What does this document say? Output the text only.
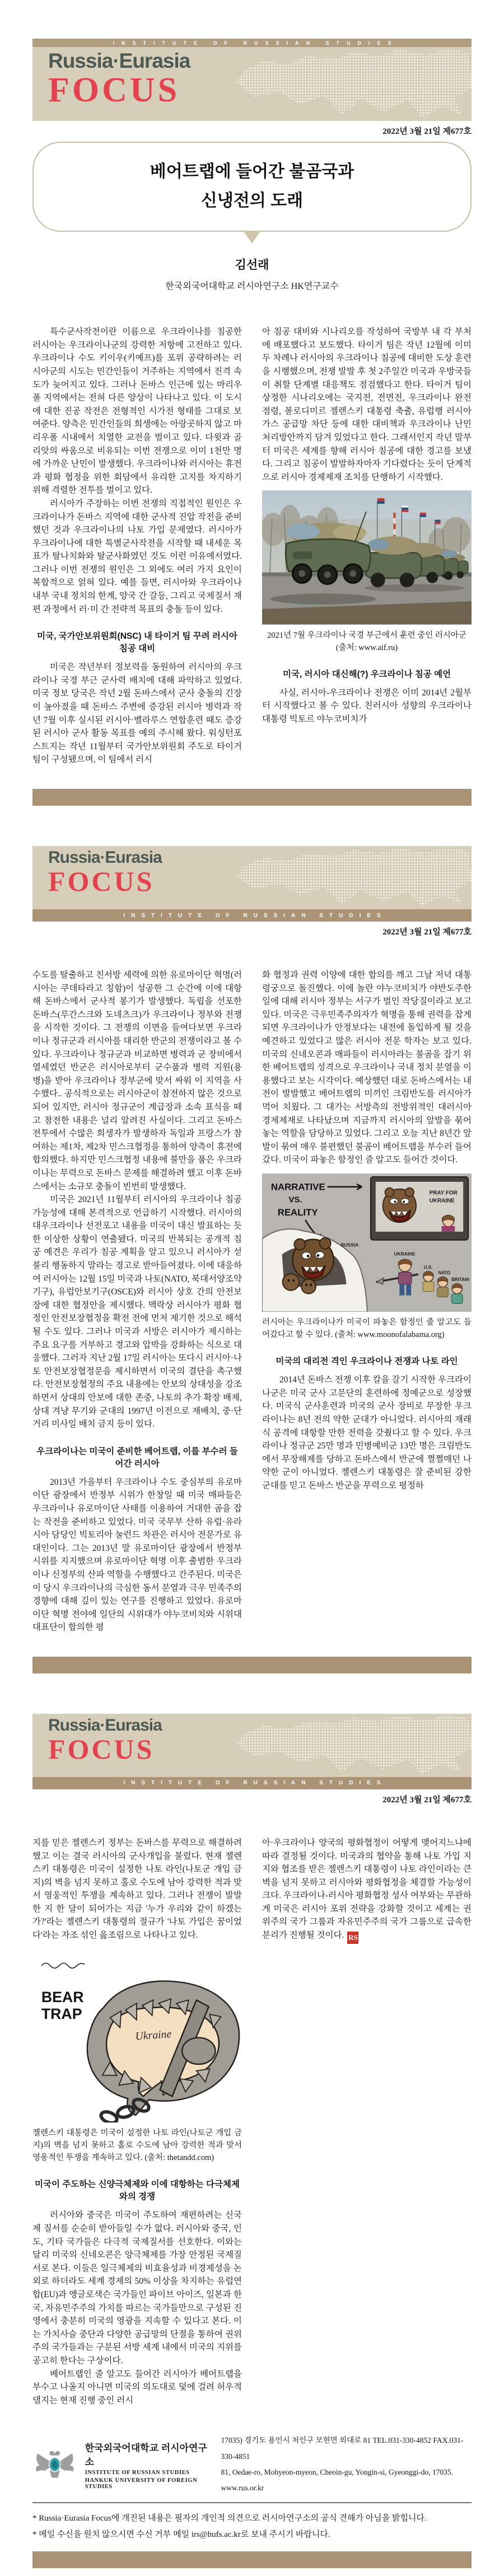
INSTITUTE OF RUSSIAN STUDIES
Russia·Eurasia
FOCUS
2022년 3월 21일 제677호
베어트랩에 들어간 불곰국과
신냉전의 도래
김선래
한국외국어대학교 러시아연구소 HK연구교수

특수군사작전이란 이름으로 우크라이나를 침공한 러시아는 우크라이나군의 강력한 저항에 고전하고 있다. 우크라이나 수도 키이우(키예프)를 포위 공략하려는 러시아군의 시도는 민간인들이 거주하는 지역에서 진격 속도가 늦어지고 있다. 그러나 돈바스 인근에 있는 마리우폴 지역에서는 전혀 다른 양상이 나타나고 있다. 이 도시에 대한 진공 작전은 전형적인 시가전 형태를 그대로 보여준다. 양측은 민간인들의 희생에는 아랑곳하지 않고 마리우폴 시내에서 치열한 교전을 벌이고 있다. 다윗과 골리앗의 싸움으로 비유되는 이번 전쟁으로 이미 1천만 명에 가까운 난민이 발생했다. 우크라이나와 러시아는 휴전과 평화 협정을 위한 회담에서 유리한 고지를 차지하기 위해 격렬한 전투를 벌이고 있다.

러시아가 주장하는 이번 전쟁의 직접적인 원인은 우크라이나가 돈바스 지역에 대한 군사적 진압 작전을 준비했던 것과 우크라이나의 나토 가입 문제였다. 러시아가 우크라이나에 대한 특별군사작전을 시작할 때 내세운 목표가 탈나치화와 탈군사화였던 것도 이런 이유에서였다. 그러나 이번 전쟁의 원인은 그 외에도 여러 가지 요인이 복합적으로 얽혀 있다. 예를 들면, 러시아와 우크라이나 내부 국내 정치의 한계, 양국 간 갈등, 그리고 국제질서 재편 과정에서 러·미 간 전략적 목표의 충돌 등이 있다.

미국, 국가안보위원회(NSC) 내 타이거 팀 꾸려 러시아 침공 대비

미국은 작년부터 정보력을 동원하여 러시아의 우크라이나 국경 부근 군사력 배치에 대해 파악하고 있었다. 미국 정보 당국은 작년 2월 돈바스에서 군사 충돌의 긴장이 높아졌을 때 돈바스 주변에 증강된 러시아 병력과 작년 7월 이후 실시된 러시아·벨라루스 연합훈련 때도 증강된 러시아 군사 활동 목표를 예의 주시해 왔다. 워싱턴포스트지는 작년 11월부터 국가안보위원회 주도로 타이거 팀이 구성됐으며, 이 팀에서 러시

아 침공 대비와 시나리오를 작성하여 국방부 내 각 부처에 배포했다고 보도했다. 타이거 팀은 작년 12월에 이미 두 차례나 러시아의 우크라이나 침공에 대비한 도상 훈련을 시행했으며, 전쟁 발발 후 첫 2주일간 미국과 우방국들이 취할 단계별 대응책도 점검했다고 한다. 타이거 팀이 상정한 시나리오에는 국지전, 전면전, 우크라이나 완전 점령, 볼로디미르 젤렌스키 대통령 축출, 유럽행 러시아 가스 공급망 차단 등에 대한 대비책과 우크라이나 난민 처리방안까지 담겨 있었다고 한다. 그래서인지 작년 말부터 미국은 세계를 향해 러시아 침공에 대한 경고를 보냈다. 그리고 침공이 발발하자마자 기다렸다는 듯이 단계적으로 러시아 경제제재 조치를 단행하기 시작했다.

2021년 7월 우크라이나 국경 부근에서 훈련 중인 러시아군 (출처: www.aif.ru)

미국, 러시아 대신해(?) 우크라이나 침공 예언

사실, 러시아-우크라이나 전쟁은 이미 2014년 2월부터 시작했다고 볼 수 있다. 친러시아 성향의 우크라이나 대통령 빅토르 야누코비치가

Russia·Eurasia
FOCUS
INSTITUTE OF RUSSIAN STUDIES
2022년 3월 21일 제677호

수도를 탈출하고 친서방 세력에 의한 유로마이단 혁명(러시아는 쿠데타라고 칭함)이 성공한 그 순간에 이에 대항해 돈바스에서 군사적 봉기가 발생했다. 독립을 선포한 돈바스(루간스크와 도네츠크)가 우크라이나 정부와 전쟁을 시작한 것이다. 그 전쟁의 이면을 들여다보면 우크라이나 정규군과 러시아를 대리한 반군의 전쟁이라고 볼 수 있다. 우크라이나 정규군과 비교하면 병력과 군 장비에서 열세였던 반군은 러시아로부터 군수품과 병력 지원(용병)을 받아 우크라이나 정부군에 맞서 싸워 이 지역을 사수했다.. 공식적으로는 러시아군이 참전하지 않은 것으로 되어 있지만, 러시아 정규군이 계급장과 소속 표식을 떼고 참전한 내용은 널리 알려진 사실이다. 그리고 돈바스 전투에서 수많은 희생자가 발생하자 독일과 프랑스가 참여하는 제1차, 제2차 민스크협정을 통하여 양측이 휴전에 합의했다. 하지만 민스크협정 내용에 불만을 품은 우크라이나는 무력으로 돈바스 문제를 해결하려 했고 이후 돈바스에서는 소규모 충돌이 빈번히 발생했다.

미국은 2021년 11월부터 러시아의 우크라이나 침공 가능성에 대해 본격적으로 언급하기 시작했다. 러시아의 대우크라이나 선전포고 내용을 미국이 대신 발표하는 듯한 이상한 상황이 연출됐다. 미국의 반복되는 공개적 침공 예견은 우리가 침공 계획을 알고 있으니 러시아가 섣불리 행동하지 말라는 경고로 받아들여졌다. 이에 대응하여 러시아는 12월 15일 미국과 나토(NATO, 북대서양조약기구), 유럽안보기구(OSCE)와 러시아 상호 간의 안전보장에 대한 협정안을 제시했다. 맥락상 러시아가 평화 협정인 안전보장협정을 확전 전에 먼저 제기한 것으로 해석될 수도 있다. 그러나 미국과 서방은 러시아가 제시하는 주요 요구를 거부하고 경고와 압박을 강화하는 식으로 대응했다. 그러자 지난 2월 17일 러시아는 또다시 러시아·나토 안전보장협정문을 제시하면서 미국의 결단을 촉구했다. 안전보장협정의 주요 내용에는 안보의 상대성을 강조하면서 상대의 안보에 대한 존중, 나토의 추가 확장 배제, 상대 겨냥 무기와 군대의 1997년 이전으로 재배치, 중·단거리 미사일 배치 금지 등이 있다.

우크라이나는 미국이 준비한 베어트랩, 이를 부수러 들어간 러시아

2013년 가을부터 우크라이나 수도 중심부의 유로마이단 광장에서 반정부 시위가 한창일 때 미국 매파들은 우크라이나 유로마이단 사태를 이용하여 거대한 곰을 잡는 작전을 준비하고 있었다. 미국 국무부 산하 유럽·유라시아 담당인 빅토리아 눌런드 차관은 러시아 전문가로 유대인이다. 그는 2013년 말 유로마이단 광장에서 반정부 시위를 지지했으며 유로마이단 혁명 이후 출범한 우크라이나 신정부의 산파 역할을 수행했다고 간주된다. 미국은 이 당시 우크라이나의 극심한 동서 분열과 극우 민족주의 경향에 대해 깊이 있는 연구를 진행하고 있었다. 유로마이단 혁명 전야에 일단의 시위대가 야누코비치와 시위대 대표단이 합의한 평

화 협정과 권력 이양에 대한 합의를 깨고 그날 저녁 대통령궁으로 돌진했다. 이에 놀란 야누코비치가 야반도주한 일에 대해 러시아 정부는 서구가 벌인 작당질이라고 보고 있다. 미국은 극우민족주의자가 혁명을 통해 권력을 잡게 되면 우크라이나가 안정보다는 내전에 돌입하게 될 것을 예견하고 있었다고 많은 러시아 전문 학자는 보고 있다. 미국의 신네오콘과 매파들이 러시아라는 불곰을 잡기 위한 베어트랩의 성격으로 우크라이나 국내 정치 분열을 이용했다고 보는 시각이다. 예상했던 대로 돈바스에서는 내전이 발발했고 베어트랩의 미끼인 크림반도를 러시아가 먹어 치웠다. 그 대가는 서방측의 전방위적인 대러시아 경제제재로 나타났으며 지금까지 러시아의 앞발을 묶어 놓는 역할을 담당하고 있었다. 그리고 오늘 지난 8년간 앞발이 묶여 매우 불편했던 불곰이 베어트랩을 부수러 들어갔다. 미국이 파놓은 함정인 줄 알고도 들어간 것이다.

PRAY FOR
UKRAINE
NARRATIVE
VS.
REALITY
RUSSIA
UKRAINE
U.S.
NATO
BRITAIN

러시아는 우크라이나가 미국이 파놓은 함정인 줄 알고도 들어갔다고 할 수 있다. (출처: www.moonofalabama.org)

미국의 대리전 격인 우크라이나 전쟁과 나토 라인

2014년 돈바스 전쟁 이후 칼을 갈기 시작한 우크라이나군은 미국 군사 고문단의 훈련하에 정예군으로 성장했다. 미국식 군사훈련과 미국의 군사 장비로 무장한 우크라이나는 8년 전의 약한 군대가 아니었다. 러시아의 재래식 공격에 대항할 만한 전력을 갖췄다고 할 수 있다. 우크라이나 정규군 25만 명과 민병예비군 13만 명은 크림반도에서 무장해제를 당하고 돈바스에서 반군에 쩔쩔매던 나약한 군이 아니었다. 젤렌스키 대통령은 잘 준비된 강한 군대를 믿고 돈바스 반군을 무력으로 평정하

Russia·Eurasia
FOCUS
INSTITUTE OF RUSSIAN STUDIES
2022년 3월 21일 제677호

지를 믿은 젤렌스키 정부는 돈바스를 무력으로 해결하려 했고 이는 결국 러시아의 군사개입을 불렀다. 현재 젤렌스키 대통령은 미국이 설정한 나토 라인(나토군 개입 금지)의 벽을 넘지 못하고 홀로 수도에 남아 강력한 적과 맞서 영웅적인 투쟁을 계속하고 있다. 그러나 전쟁이 발발한 지 한 달이 되어가는 지금 '누가 우리와 같이 하겠는가?'라는 젤렌스키 대통령의 절규가 '나토 가입은 꿈이었다'라는 자조 섞인 읊조림으로 나타나고 있다.

BEAR
TRAP
Ukraine

젤렌스키 대통령은 미국이 설정한 나토 라인(나토군 개입 금지)의 벽을 넘지 못하고 홀로 수도에 남아 강력한 적과 맞서 영웅적인 투쟁을 계속하고 있다. (출처: thetandd.com)

미국이 주도하는 신양극체제와 이에 대항하는 다극체제와의 경쟁

러시아와 중국은 미국이 주도하여 재편하려는 신국제 질서를 순순히 받아들일 수가 없다. 러시아와 중국, 인도, 기타 국가들은 다극적 국제질서를 선호한다. 이와는 달리 미국의 신네오콘은 양극체제를 가장 안정된 국제질서로 본다. 이들은 일극체제의 비효율성과 비경제성을 논외로 하더라도 세계 경제의 50% 이상을 차지하는 유럽연합(EU)과 앵글로색슨 국가들인 파이브 아이즈, 일본과 한국, 자유민주주의 가치를 따르는 국가들만으로 구성된 진영에서 충분히 미국의 영광을 지속할 수 있다고 본다. 이는 가치사슬 중단과 다양한 공급망의 단절을 통하여 권위주의 국가들과는 구분된 서방 세계 내에서 미국의 지위를 공고히 한다는 구상이다.

베어트랩인 줄 알고도 들어간 러시아가 베어트랩을 부수고 나올지 아니면 미국의 의도대로 덫에 걸려 허우적댈지는 현재 진행 중인 러시

아·우크라이나 양국의 평화협정이 어떻게 맺어지느냐에 따라 결정될 것이다. 미국과의 협약을 통해 나토 가입 지지와 협조를 받은 젤렌스키 대통령이 나토 라인이라는 큰 벽을 넘지 못하고 러시아와 평화협정을 체결할 가능성이 크다. 우크라이나-러시아 평화협정 성사 여부와는 무관하게 미국은 러시아 포위 전략을 강화할 것이고 세계는 권위주의 국가 그룹과 자유민주주의 국가 그룹으로 급속한 분리가 진행될 것이다. RS

한국외국어대학교 러시아연구소
INSTITUTE OF RUSSIAN STUDIES
HANKUK UNIVERSITY OF FOREIGN STUDIES
17035) 경기도 용인시 처인구 모현면 외대로 81 TEL.031-330-4852 FAX.031-330-4851
81, Oedae-ro, Mohyeon-myeon, Cheoin-gu, Yongin-si, Gyeonggi-do, 17035. www.rus.or.kr

* Russia·Eurasia Focus에 개진된 내용은 필자의 개인적 의견으로 러시아연구소의 공식 견해가 아님을 밝힙니다.

* 메일 수신을 원치 않으시면 수신 거부 메일 irs@hufs.ac.kr로 보내 주시기 바랍니다.
